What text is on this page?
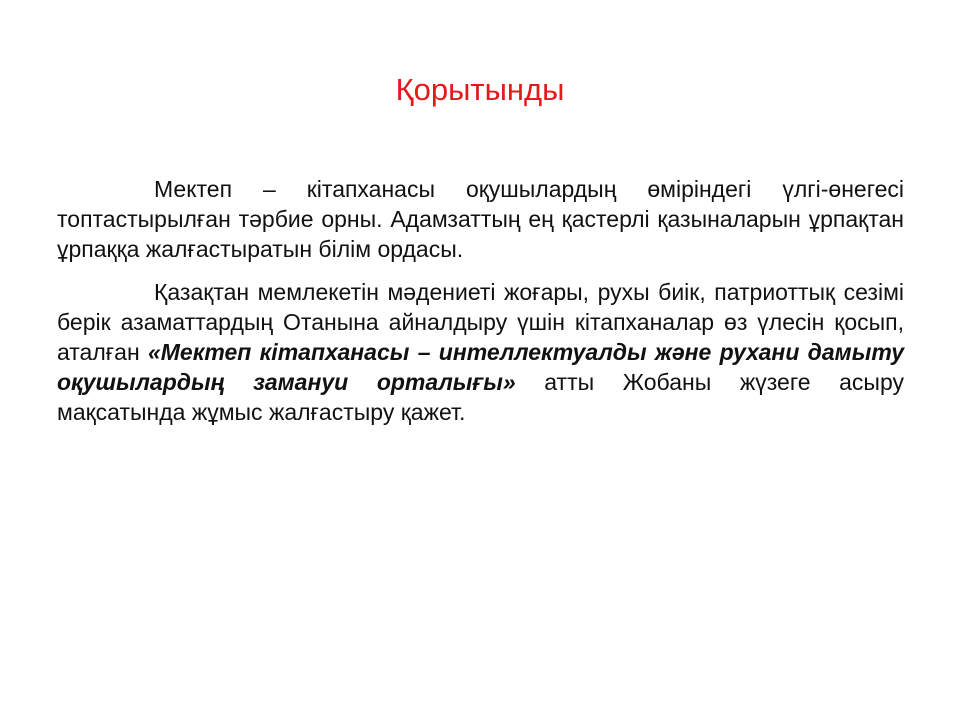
Қорытынды

Мектеп – кітапханасы оқушылардың өміріндегі үлгі-өнегесі топтастырылған тәрбие орны. Адамзаттың ең қастерлі қазыналарын ұрпақтан ұрпаққа жалғастыратын білім ордасы.

Қазақтан мемлекетін мәдениеті жоғары, рухы биік, патриоттық сезімі берік азаматтардың Отанына айналдыру үшін кітапханалар өз үлесін қосып, аталған «Мектеп кітапханасы – интеллектуалды және рухани дамыту оқушылардың замануи орталығы» атты Жобаны жүзеге асыру мақсатында жұмыс жалғастыру қажет.
